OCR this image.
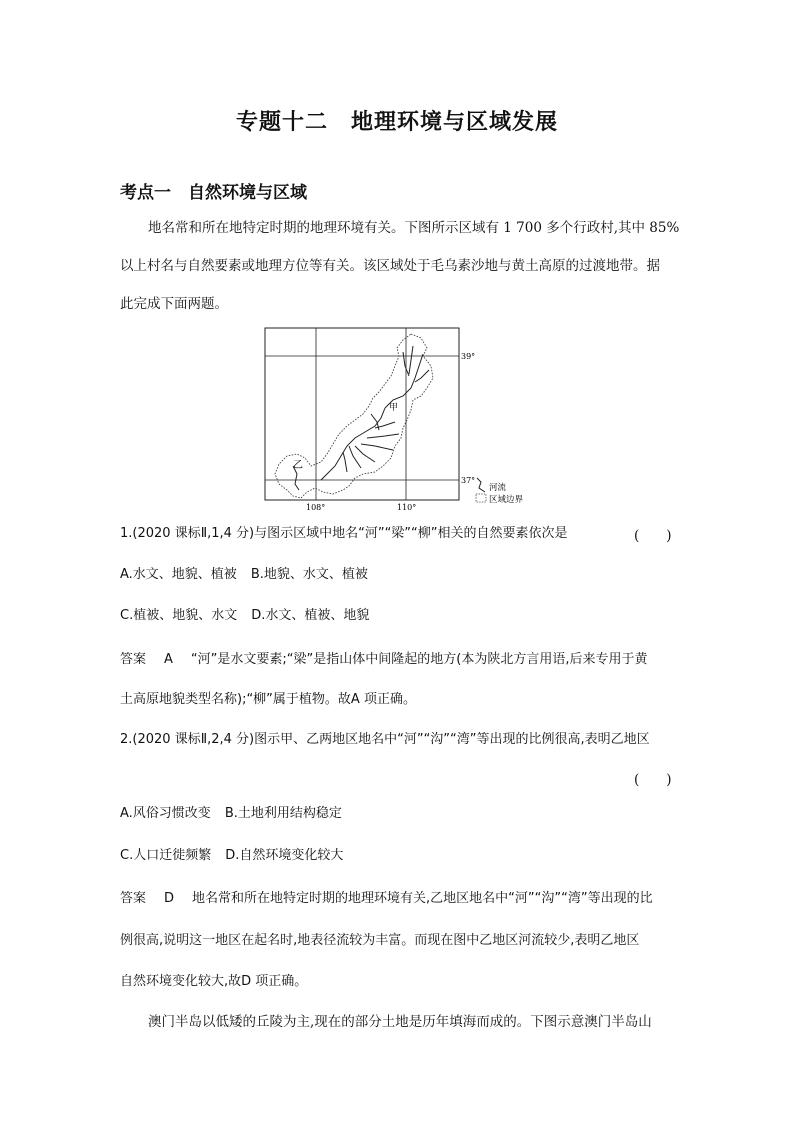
专题十二　地理环境与区域发展
考点一　自然环境与区域
地名常和所在地特定时期的地理环境有关。下图所示区域有 1 700 多个行政村,其中 85%
以上村名与自然要素或地理方位等有关。该区域处于毛乌素沙地与黄土高原的过渡地带。据
此完成下面两题。
甲
乙
39°
37°
108°	110°
河流
区域边界
1.(2020 课标Ⅱ,1,4 分)与图示区域中地名“河”“梁”“柳”相关的自然要素依次是	(　　)
A.水文、地貌、植被 B.地貌、水文、植被
C.植被、地貌、水文 D.水文、植被、地貌
答案 A “河”是水文要素;“梁”是指山体中间隆起的地方(本为陕北方言用语,后来专用于黄
土高原地貌类型名称);“柳”属于植物。故A 项正确。
2.(2020 课标Ⅱ,2,4 分)图示甲、乙两地区地名中“河”“沟”“湾”等出现的比例很高,表明乙地区
(　　)
A.风俗习惯改变 B.土地利用结构稳定
C.人口迁徙频繁 D.自然环境变化较大
答案 D 地名常和所在地特定时期的地理环境有关,乙地区地名中“河”“沟”“湾”等出现的比
例很高,说明这一地区在起名时,地表径流较为丰富。而现在图中乙地区河流较少,表明乙地区
自然环境变化较大,故D 项正确。
澳门半岛以低矮的丘陵为主,现在的部分土地是历年填海而成的。下图示意澳门半岛山
